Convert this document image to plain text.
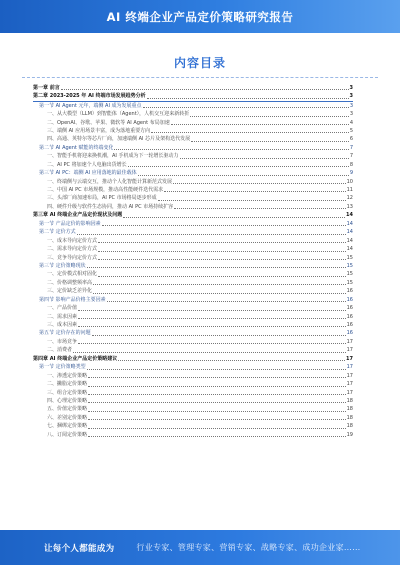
AI 终端企业产品定价策略研究报告
内容目录
第一章 前言	3
第二章 2023-2025 年 AI 终端市场发展趋势分析	3
第一节 AI Agent 元年，端侧 AI 成为发展重点	3
一、从大模型（LLM）到智能体（Agent），人机交互迎来新转折	3
二、OpenAI、谷歌、苹果、微软等 AI Agent 布局加速	4
三、端侧 AI 应用场景丰富，成为落地重要方向	5
四、高通、英特尔等芯片厂商，加速端侧 AI 芯片及架构迭代发展	6
第二节 AI Agent 赋能的终端变化	7
一、智能手机将迎来换机潮，AI 手机成为下一轮增长驱动力	7
二、AI PC 将加速个人电脑出货增长	8
第三节 AI PC：端侧 AI 应用落地的最佳载体	9
一、终端侧与云端交互，推动个人化智能计算新范式发展	10
二、中国 AI PC 市场规模，推动高性能硬件迭代需求	11
三、头部厂商加速布局，AI PC 市场格局逐步形成	12
四、硬件升级与软件生态协同，推动 AI PC 市场持续扩容	13
第三章 AI 终端企业产品定价现状及问题	14
第一节 产品定价的影响因素	14
第二节 定价方式	14
一、成本导向定价方式	14
二、需求导向定价方式	14
三、竞争导向定价方式	15
第三节 定价策略现状	15
一、定价模式相对固化	15
二、价格调整频率高	15
三、定价缺乏差异化	16
第四节 影响产品价格主要因素	16
一、产品价值	16
二、需求因素	16
三、成本因素	16
第五节 定价存在的问题	16
一、市场竞争	17
二、消费者	17
第四章 AI 终端企业产品定价策略建议	17
第一节 定价策略类型	17
一、渗透定价策略	17
二、撇脂定价策略	17
三、组合定价策略	17
四、心理定价策略	18
五、价值定价策略	18
六、差别定价策略	18
七、捆绑定价策略	18
八、订阅定价策略	19
让每个人都能成为	行业专家、管理专家、营销专家、战略专家、成功企业家……
